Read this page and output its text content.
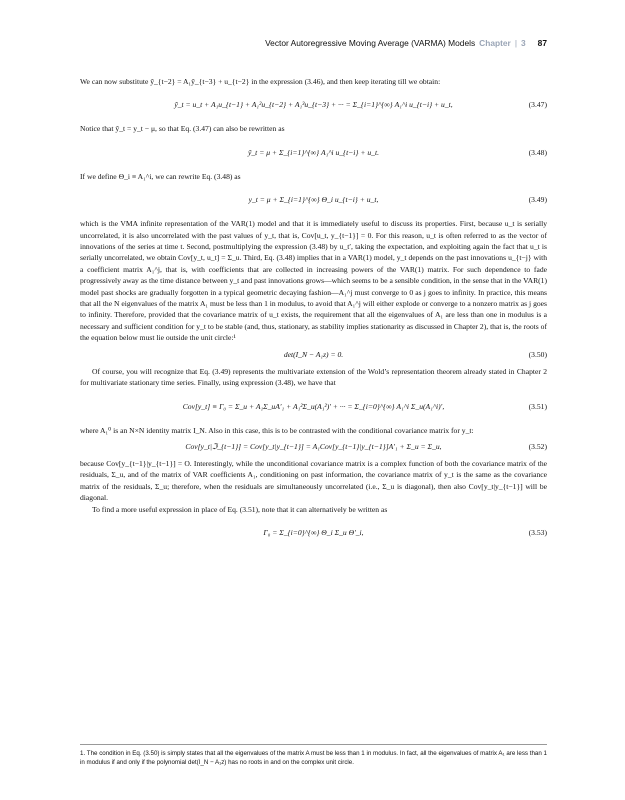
Vector Autoregressive Moving Average (VARMA) Models Chapter | 3 87

We can now substitute ỹ_{t−2} = A₁ỹ_{t−3} + u_{t−2} in the expression (3.46), and then keep iterating till we obtain:

ỹ_t = u_t + A₁u_{t−1} + A₁²u_{t−2} + A₁³u_{t−3} + ··· = Σ_{i=1}^{∞} A₁^i u_{t−i} + u_t,	(3.47)

Notice that ỹ_t = y_t − μ, so that Eq. (3.47) can also be rewritten as

ỹ_t = μ + Σ_{i=1}^{∞} A₁^i u_{t−i} + u_t.	(3.48)

If we define Θ_i ≡ A₁^i, we can rewrite Eq. (3.48) as

y_t = μ + Σ_{i=1}^{∞} Θ_i u_{t−i} + u_t,	(3.49)

which is the VMA infinite representation of the VAR(1) model and that it is immediately useful to discuss its properties. First, because u_t is serially uncorrelated, it is also uncorrelated with the past values of y_t, that is, Cov[u_t, y_{t−1}] = 0. For this reason, u_t is often referred to as the vector of innovations of the series at time t. Second, postmultiplying the expression (3.48) by u_t′, taking the expectation, and exploiting again the fact that u_t is serially uncorrelated, we obtain Cov[y_t, u_t] = Σ_u. Third, Eq. (3.48) implies that in a VAR(1) model, y_t depends on the past innovations u_{t−j} with a coefficient matrix A₁^j, that is, with coefficients that are collected in increasing powers of the VAR(1) matrix. For such dependence to fade progressively away as the time distance between y_t and past innovations grows—which seems to be a sensible condition, in the sense that in the VAR(1) model past shocks are gradually forgotten in a typical geometric decaying fashion—A₁^j must converge to 0 as j goes to infinity. In practice, this means that all the N eigenvalues of the matrix A₁ must be less than 1 in modulus, to avoid that A₁^j will either explode or converge to a nonzero matrix as j goes to infinity. Therefore, provided that the covariance matrix of u_t exists, the requirement that all the eigenvalues of A₁ are less than one in modulus is a necessary and sufficient condition for y_t to be stable (and, thus, stationary, as stability implies stationarity as discussed in Chapter 2), that is, the roots of the equation below must lie outside the unit circle:¹

det(I_N − A₁z) = 0.	(3.50)

Of course, you will recognize that Eq. (3.49) represents the multivariate extension of the Wold’s representation theorem already stated in Chapter 2 for multivariate stationary time series. Finally, using expression (3.48), we have that

Cov[y_t] ≡ Γ₀ = Σ_u + A₁Σ_uA′₁ + A₁²Σ_u(A₁²)′ + ··· = Σ_{i=0}^{∞} A₁^i Σ_u(A₁^i)′,	(3.51)

where A₁⁰ is an N×N identity matrix I_N. Also in this case, this is to be contrasted with the conditional covariance matrix for y_t:

Cov[y_t|ℑ_{t−1}] = Cov[y_t|y_{t−1}] = A₁Cov[y_{t−1}|y_{t−1}]A′₁ + Σ_u = Σ_u,	(3.52)

because Cov[y_{t−1}|y_{t−1}] = O. Interestingly, while the unconditional covariance matrix is a complex function of both the covariance matrix of the residuals, Σ_u, and of the matrix of VAR coefficients A₁, conditioning on past information, the covariance matrix of y_t is the same as the covariance matrix of the residuals, Σ_u; therefore, when the residuals are simultaneously uncorrelated (i.e., Σ_u is diagonal), then also Cov[y_t|y_{t−1}] will be diagonal.

To find a more useful expression in place of Eq. (3.51), note that it can alternatively be written as

Γ₀ = Σ_{i=0}^{∞} Θ_i Σ_u Θ′_i,	(3.53)
1. The condition in Eq. (3.50) is simply states that all the eigenvalues of the matrix A must be less than 1 in modulus. In fact, all the eigenvalues of matrix A₁ are less than 1 in modulus if and only if the polynomial det(I_N − A₁z) has no roots in and on the complex unit circle.
